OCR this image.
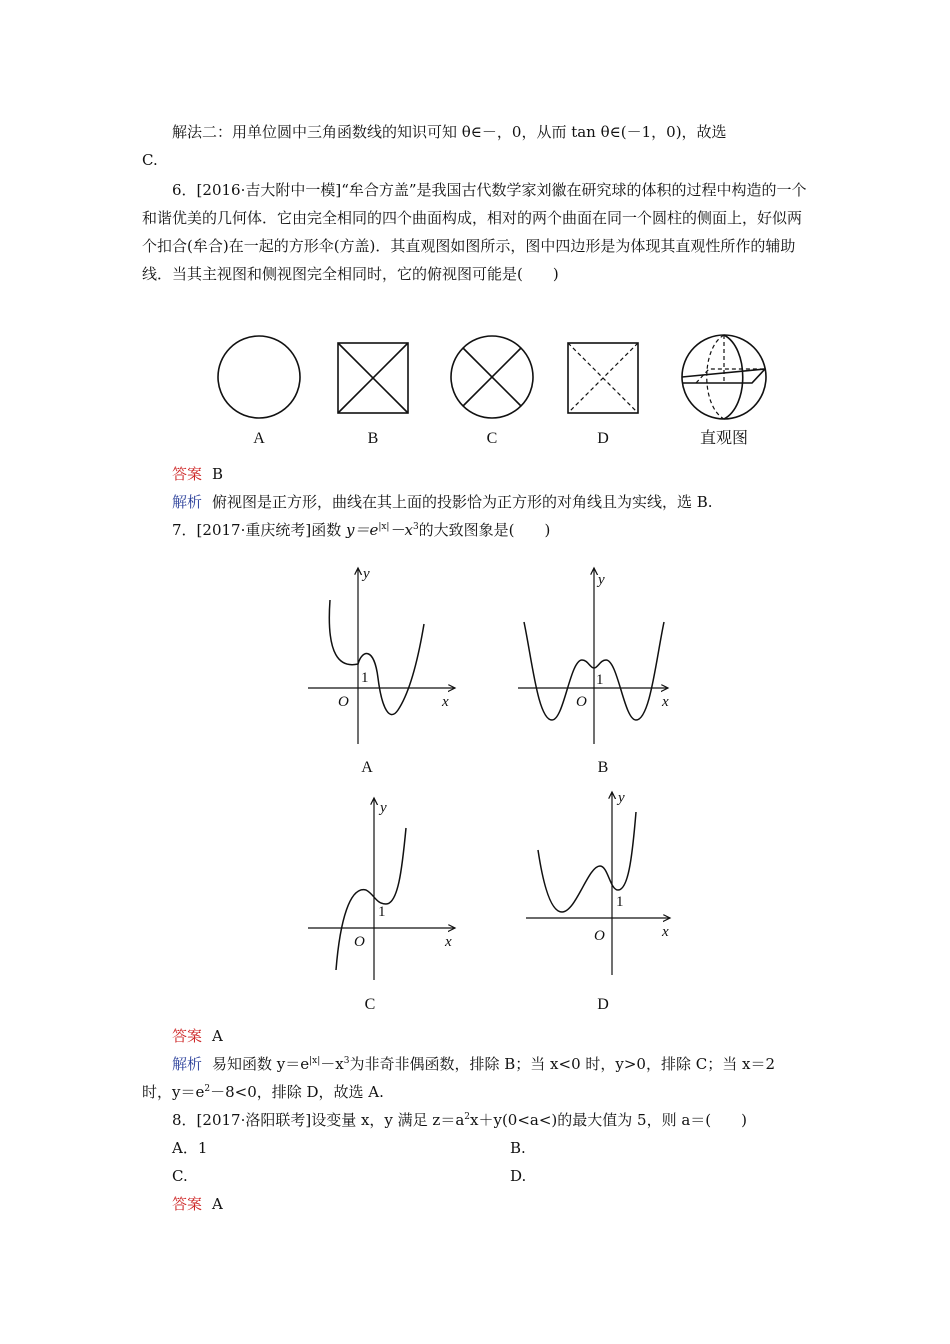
解法二：用单位圆中三角函数线的知识可知 θ∈－，0，从而 tan θ∈(－1，0)，故选
C.
6．[2016·吉大附中一模]“牟合方盖”是我国古代数学家刘徽在研究球的体积的过程中构造的一个和谐优美的几何体．它由完全相同的四个曲面构成，相对的两个曲面在同一个圆柱的侧面上，好似两个扣合(牟合)在一起的方形伞(方盖)．其直观图如图所示，图中四边形是为体现其直观性所作的辅助线．当其主视图和侧视图完全相同时，它的俯视图可能是(　　)
A	B	C	D	直观图
答案 B
解析 俯视图是正方形，曲线在其上面的投影恰为正方形的对角线且为实线，选 B.
7．[2017·重庆统考]函数 $y=e^{|x|}-x^3$的大致图象是(　　)
y
x
O
y
x
O
y
x
O
y
x
O
1	1
1
1
A	B
C	D
答案 A
解析 易知函数 $y=e^{|x|}-x^3$为非奇非偶函数，排除 B；当 x<0 时，y>0，排除 C；当 x＝2
时，$y=e^2-8<0$，排除 D，故选 A.
8．[2017·洛阳联考]设变量 x，y 满足 $z=a^2x+y(0<a<)$的最大值为 5，则 a＝(　　)
A．1	B.
C.	D.
答案 A
